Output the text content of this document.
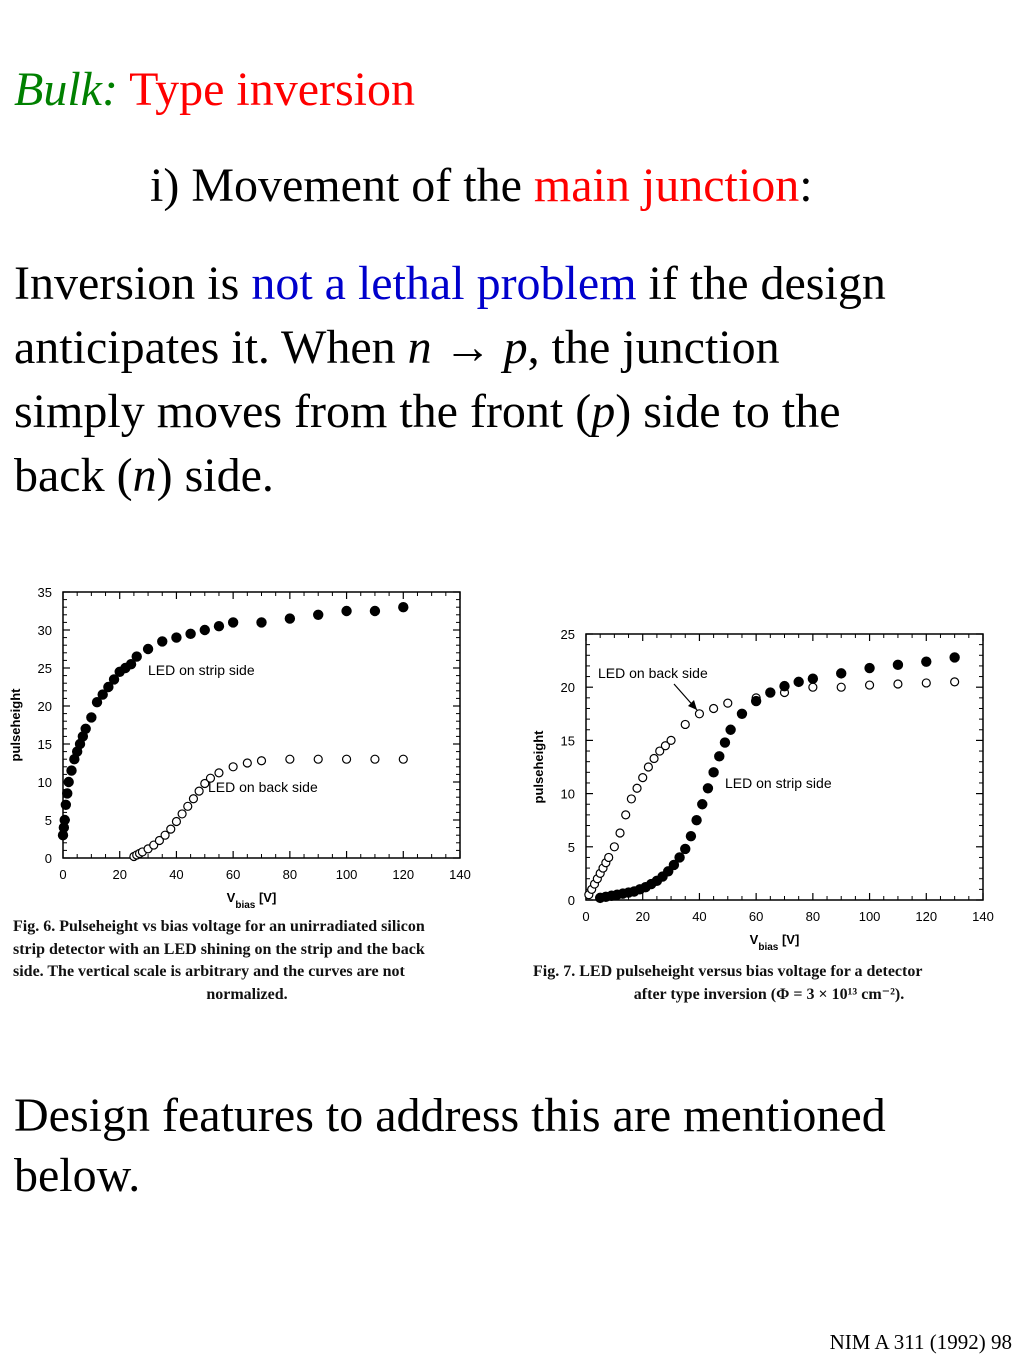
Bulk: Type inversion
i) Movement of the main junction:
Inversion is not a lethal problem if the design
anticipates it. When n → p, the junction
simply moves from the front (p) side to the
back (n) side.
0	20	40	60	80	100	120	140
0
5
10
15
20
25
30
35
pulseheight
$V_{bias}$ [V]
LED on strip side
LED on back side
0	20	40	60	80	100	120	140
0
5
10
15
20
25
pulseheight
$V_{bias}$ [V]
LED on back side
LED on strip side
Fig. 6. Pulseheight vs bias voltage for an unirradiated silicon
strip detector with an LED shining on the strip and the back
side. The vertical scale is arbitrary and the curves are not
normalized.
Fig. 7. LED pulseheight versus bias voltage for a detector
after type inversion (Φ = 3 × 10¹³ cm⁻²).
Design features to address this are mentioned
below.
NIM A 311 (1992) 98
